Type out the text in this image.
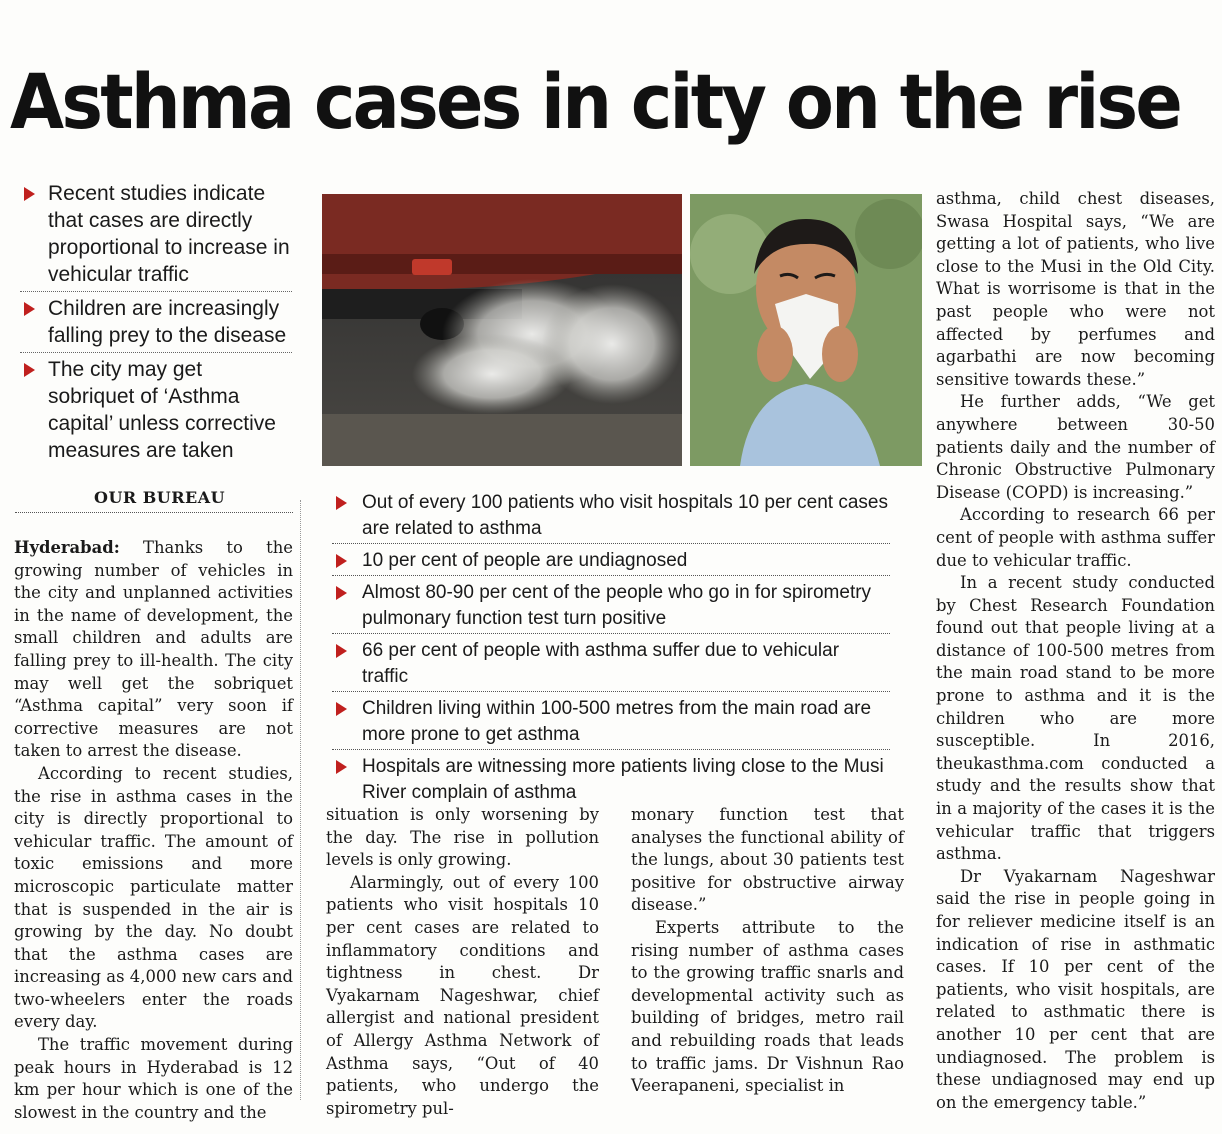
Asthma cases in city on the rise
Recent studies indicate that cases are directly proportional to increase in vehicular traffic
Children are increasingly falling prey to the disease
The city may get sobriquet of ‘Asthma capital’ unless corrective measures are taken
OUR BUREAU	Out of every 100 patients who visit hospitals 10 per cent cases are related to asthma
10 per cent of people are undiagnosed
Almost 80-90 per cent of the people who go in for spirometry pulmonary function test turn positive
66 per cent of people with asthma suffer due to vehicular traffic
Children living within 100-500 metres from the main road are more prone to get asthma
Hospitals are witnessing more patients living close to the Musi River complain of asthma

Hyderabad: Thanks to the growing number of vehicles in the city and unplanned activities in the name of development, the small children and adults are falling prey to ill-health. The city may well get the sobriquet “Asthma capital” very soon if corrective measures are not taken to arrest the disease.

According to recent studies, the rise in asthma cases in the city is directly proportional to vehicular traffic. The amount of toxic emissions and more microscopic particulate matter that is suspended in the air is growing by the day. No doubt that the asthma cases are increasing as 4,000 new cars and two-wheelers enter the roads every day.

The traffic movement during peak hours in Hyderabad is 12 km per hour which is one of the slowest in the country and the

situation is only worsening by the day. The rise in pollution levels is only growing.

Alarmingly, out of every 100 patients who visit hospitals 10 per cent cases are related to inflammatory conditions and tightness in chest. Dr Vyakarnam Nageshwar, chief allergist and national president of Allergy Asthma Network of Asthma says, “Out of 40 patients, who undergo the spirometry pul-

monary function test that analyses the functional ability of the lungs, about 30 patients test positive for obstructive airway disease.”

Experts attribute to the rising number of asthma cases to the growing traffic snarls and developmental activity such as building of bridges, metro rail and rebuilding roads that leads to traffic jams. Dr Vishnun Rao Veerapaneni, specialist in

asthma, child chest diseases, Swasa Hospital says, “We are getting a lot of patients, who live close to the Musi in the Old City. What is worrisome is that in the past people who were not affected by perfumes and agarbathi are now becoming sensitive towards these.”

He further adds, “We get anywhere between 30-50 patients daily and the number of Chronic Obstructive Pulmonary Disease (COPD) is increasing.”

According to research 66 per cent of people with asthma suffer due to vehicular traffic.

In a recent study conducted by Chest Research Foundation found out that people living at a distance of 100-500 metres from the main road stand to be more prone to asthma and it is the children who are more susceptible. In 2016, theukasthma.com conducted a study and the results show that in a majority of the cases it is the vehicular traffic that triggers asthma.

Dr Vyakarnam Nageshwar said the rise in people going in for reliever medicine itself is an indication of rise in asthmatic cases. If 10 per cent of the patients, who visit hospitals, are related to asthmatic there is another 10 per cent that are undiagnosed. The problem is these undiagnosed may end up on the emergency table.”
